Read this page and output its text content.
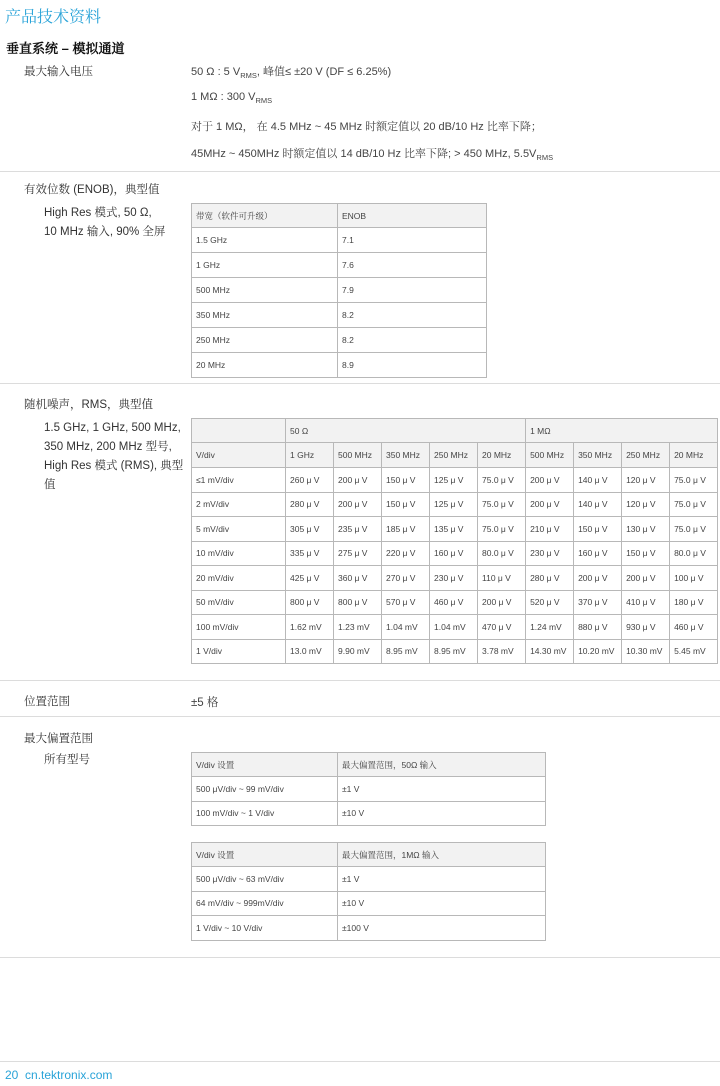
产品技术资料
垂直系统 – 模拟通道
最大输入电压	50 Ω : 5 $V_{RMS}$, 峰值≤ ±20 V (DF ≤ 6.25%)
1 MΩ : 300 $V_{RMS}$
对于 1 MΩ， 在 4.5 MHz ~ 45 MHz 时额定值以 20 dB/10 Hz 比率下降；
45MHz ~ 450MHz 时额定值以 14 dB/10 Hz 比率下降; > 450 MHz, $5.5V_{RMS}$
有效位数 (ENOB)，典型值
High Res 模式, 50 Ω,
10 MHz 输入, 90% 全屏
带宽（软件可升级）	ENOB
1.5 GHz	7.1
1 GHz	7.6
500 MHz	7.9
350 MHz	8.2
250 MHz	8.2
20 MHz	8.9
随机噪声，RMS，典型值
1.5 GHz, 1 GHz, 500 MHz,
350 MHz, 200 MHz 型号,
High Res 模式 (RMS), 典型
值
	50 Ω					1 MΩ			
V/div	1 GHz	500 MHz	350 MHz	250 MHz	20 MHz	500 MHz	350 MHz	250 MHz	20 MHz
≤1 mV/div	260 μ V	200 μ V	150 μ V	125 μ V	75.0 μ V	200 μ V	140 μ V	120 μ V	75.0 μ V
2 mV/div	280 μ V	200 μ V	150 μ V	125 μ V	75.0 μ V	200 μ V	140 μ V	120 μ V	75.0 μ V
5 mV/div	305 μ V	235 μ V	185 μ V	135 μ V	75.0 μ V	210 μ V	150 μ V	130 μ V	75.0 μ V
10 mV/div	335 μ V	275 μ V	220 μ V	160 μ V	80.0 μ V	230 μ V	160 μ V	150 μ V	80.0 μ V
20 mV/div	425 μ V	360 μ V	270 μ V	230 μ V	110 μ V	280 μ V	200 μ V	200 μ V	100 μ V
50 mV/div	800 μ V	800 μ V	570 μ V	460 μ V	200 μ V	520 μ V	370 μ V	410 μ V	180 μ V
100 mV/div	1.62 mV	1.23 mV	1.04 mV	1.04 mV	470 μ V	1.24 mV	880 μ V	930 μ V	460 μ V
1 V/div	13.0 mV	9.90 mV	8.95 mV	8.95 mV	3.78 mV	14.30 mV	10.20 mV	10.30 mV	5.45 mV
位置范围	±5 格
最大偏置范围
所有型号	V/div 设置	最大偏置范围，50Ω 输入
500 μV/div ~ 99 mV/div	±1 V
100 mV/div ~ 1 V/div	±10 V
V/div 设置	最大偏置范围，1MΩ 输入
500 μV/div ~ 63 mV/div	±1 V
64 mV/div ~ 999mV/div	±10 V
1 V/div ~ 10 V/div	±100 V
20 cn.tektronix.com
